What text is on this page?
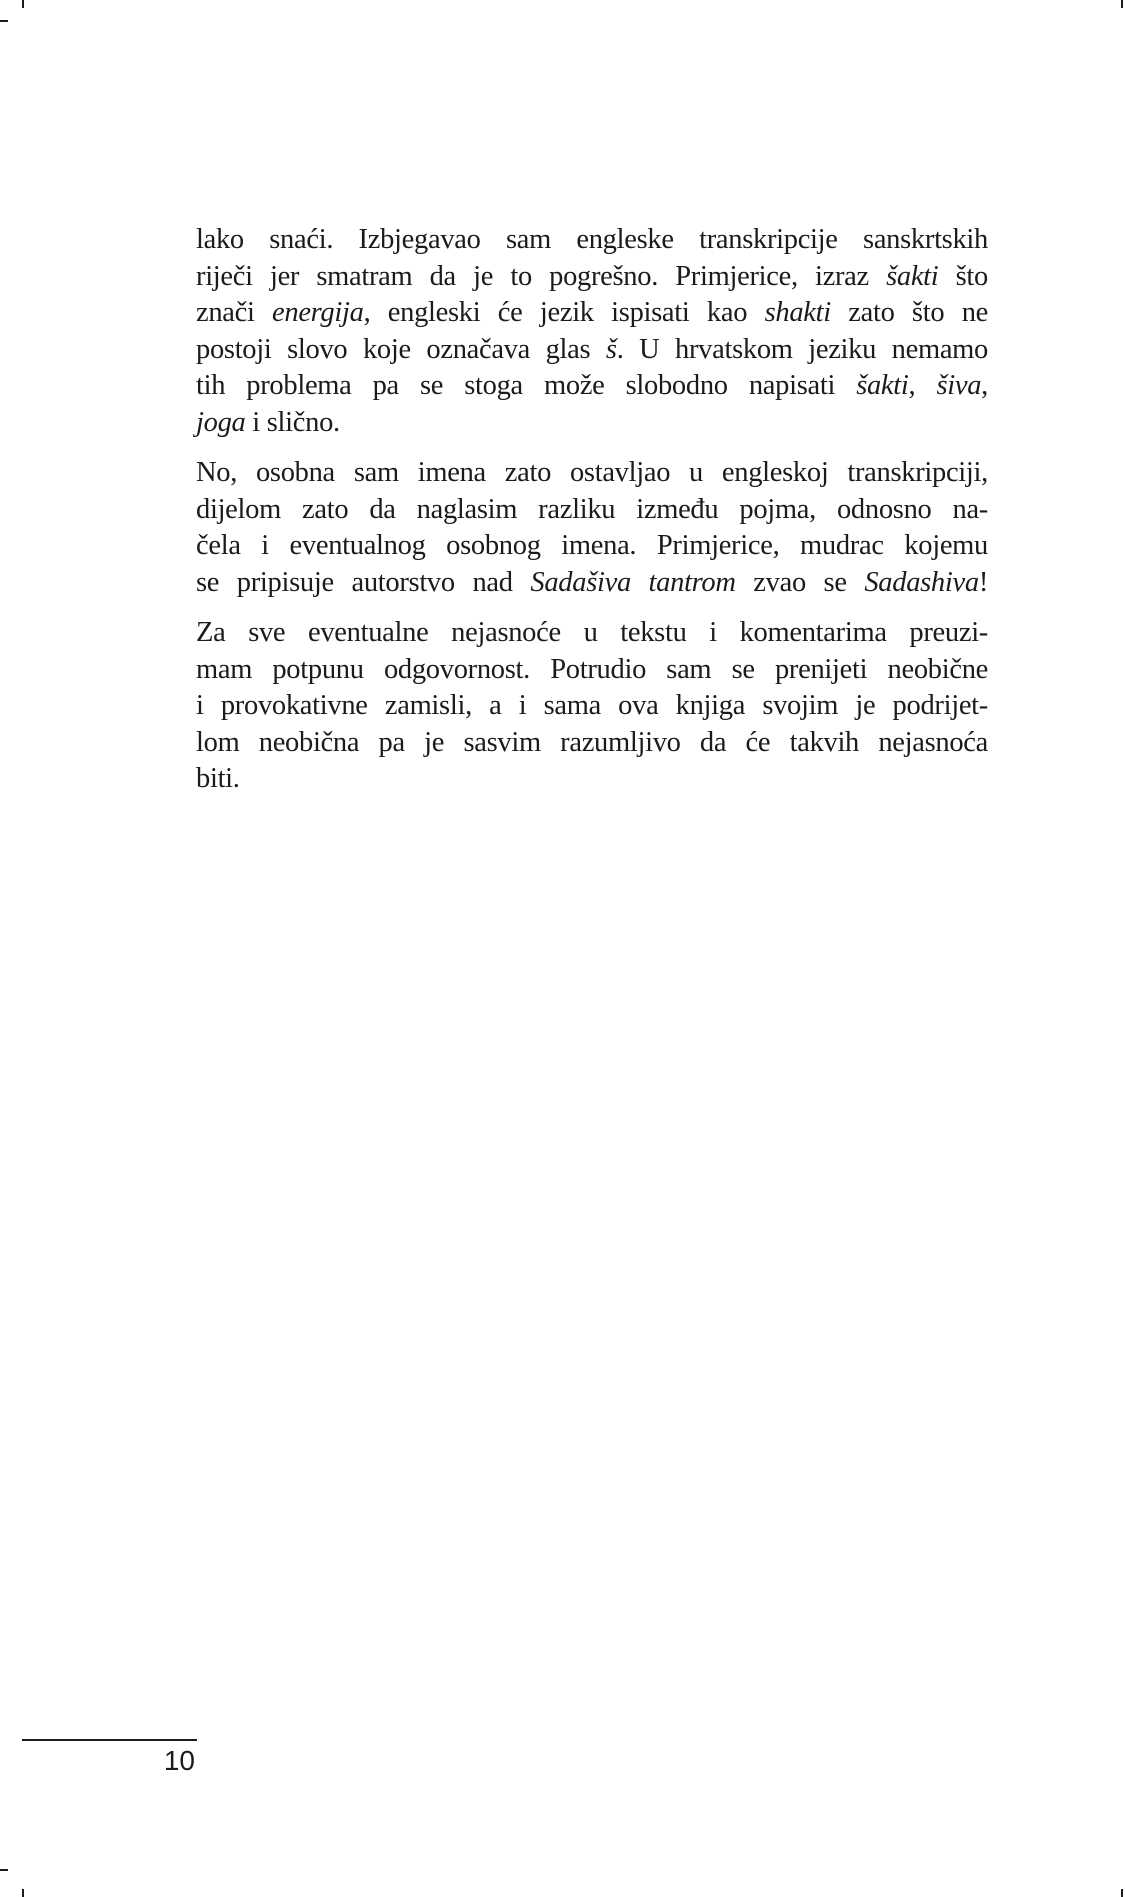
lako snaći. Izbjegavao sam engleske transkripcije sanskrtskih
riječi jer smatram da je to pogrešno. Primjerice, izraz šakti što
znači energija, engleski će jezik ispisati kao shakti zato što ne
postoji slovo koje označava glas š. U hrvatskom jeziku nemamo
tih problema pa se stoga može slobodno napisati šakti, šiva,
joga i slično.
No, osobna sam imena zato ostavljao u engleskoj transkripciji,
dijelom zato da naglasim razliku između pojma, odnosno na-
čela i eventualnog osobnog imena. Primjerice, mudrac kojemu
se pripisuje autorstvo nad Sadašiva tantrom zvao se Sadashiva!
Za sve eventualne nejasnoće u tekstu i komentarima preuzi-
mam potpunu odgovornost. Potrudio sam se prenijeti neobične
i provokativne zamisli, a i sama ova knjiga svojim je podrijet-
lom neobična pa je sasvim razumljivo da će takvih nejasnoća
biti.
10
